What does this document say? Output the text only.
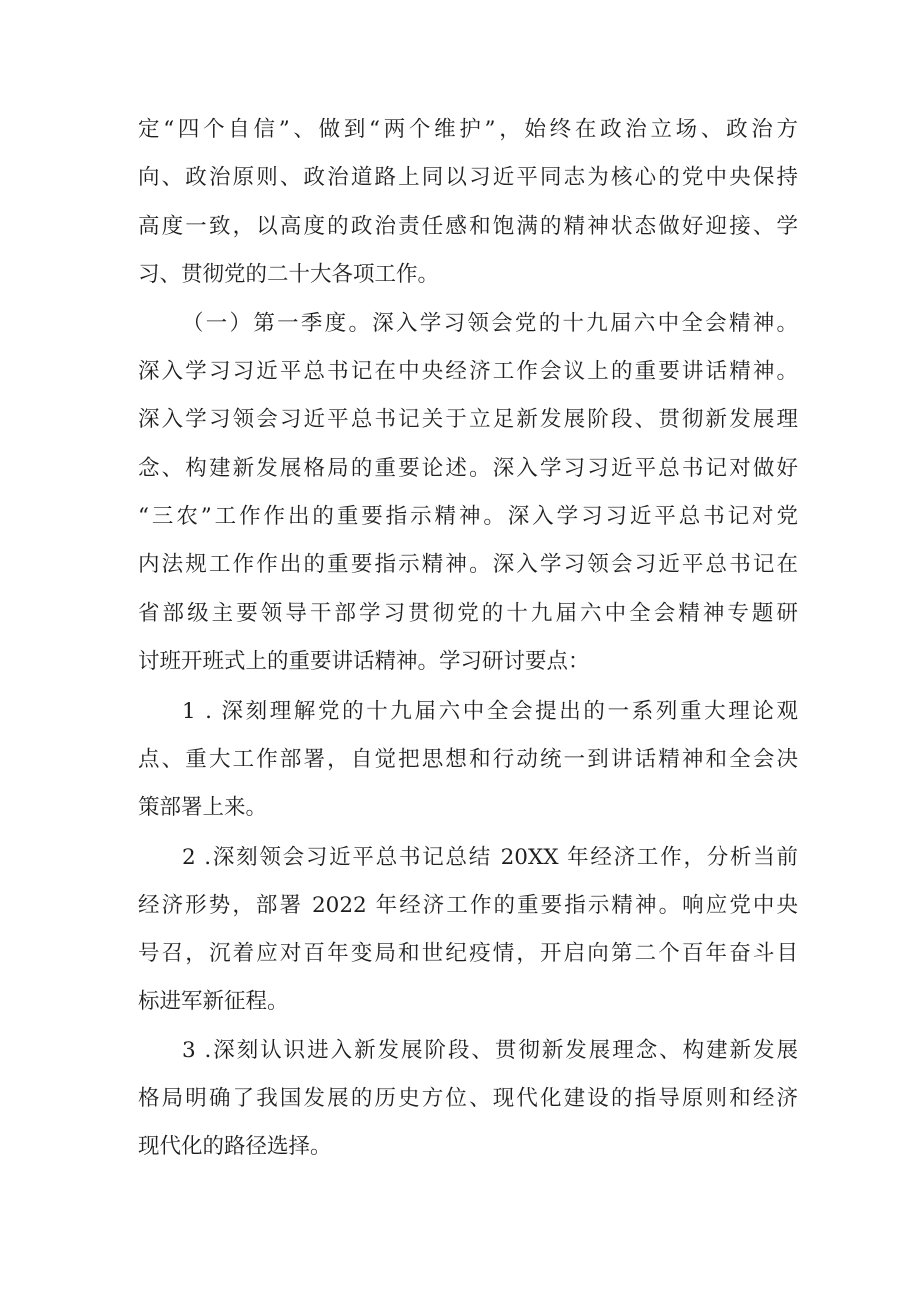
定“四个自信”、做到“两个维护”，始终在政治立场、政治方
向、政治原则、政治道路上同以习近平同志为核心的党中央保持
高度一致，以高度的政治责任感和饱满的精神状态做好迎接、学
习、贯彻党的二十大各项工作。
（一）第一季度。深入学习领会党的十九届六中全会精神。
深入学习习近平总书记在中央经济工作会议上的重要讲话精神。
深入学习领会习近平总书记关于立足新发展阶段、贯彻新发展理
念、构建新发展格局的重要论述。深入学习习近平总书记对做好
“三农”工作作出的重要指示精神。深入学习习近平总书记对党
内法规工作作出的重要指示精神。深入学习领会习近平总书记在
省部级主要领导干部学习贯彻党的十九届六中全会精神专题研
讨班开班式上的重要讲话精神。学习研讨要点：
1 . 深刻理解党的十九届六中全会提出的一系列重大理论观
点、重大工作部署，自觉把思想和行动统一到讲话精神和全会决
策部署上来。
2 .深刻领会习近平总书记总结 20XX 年经济工作，分析当前
经济形势，部署 2022 年经济工作的重要指示精神。响应党中央
号召，沉着应对百年变局和世纪疫情，开启向第二个百年奋斗目
标进军新征程。
3 .深刻认识进入新发展阶段、贯彻新发展理念、构建新发展
格局明确了我国发展的历史方位、现代化建设的指导原则和经济
现代化的路径选择。
